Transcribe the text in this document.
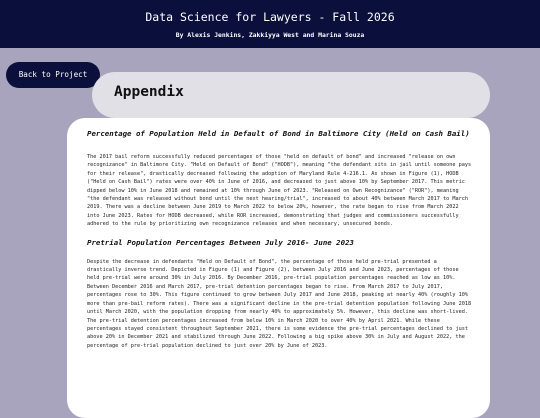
Data Science for Lawyers - Fall 2026
By Alexis Jenkins, Zakkiyya West and Marina Souza
Back to Project
Appendix
Percentage of Population Held in Default of Bond in Baltimore City (Held on Cash Bail)

The 2017 bail reform successfully reduced percentages of those "held on default of bond" and increased "release on own recognizance" in Baltimore City. "Held on Default of Bond" ("HODB"), meaning "the defendant sits in jail until someone pays for their release", drastically decreased following the adoption of Maryland Rule 4-216.1. As shown in Figure (1), HODB ("Held on Cash Bail") rates were over 40% in June of 2016, and decreased to just above 10% by September 2017. This metric dipped below 10% in June 2018 and remained at 10% through June of 2023. "Released on Own Recognizance" ("ROR"), meaning "the defendant was released without bond until the next hearing/trial", increased to about 40% between March 2017 to March 2019. There was a decline between June 2019 to March 2022 to below 20%, however, the rate began to rise from March 2022 into June 2023. Rates for HODB decreased, while ROR increased, demonstrating that judges and commissioners successfully adhered to the rule by prioritizing own recognizance releases and when necessary, unsecured bonds.

Pretrial Population Percentages Between July 2016- June 2023

Despite the decrease in defendants "Held on Default of Bond", the percentage of those held pre-trial presented a drastically inverse trend. Depicted in Figure (1) and Figure (2), between July 2016 and June 2023, percentages of those held pre-trial were around 30% in July 2016. By December 2016, pre-trial population percentages reached as low as 10%. Between December 2016 and March 2017, pre-trial detention percentages began to rise. From March 2017 to July 2017, percentages rose to 30%. This figure continued to grow between July 2017 and June 2018, peaking at nearly 40% (roughly 10% more than pre-bail reform rates). There was a significant decline in the pre-trial detention population following June 2018 until March 2020, with the population dropping from nearly 40% to approximately 5%. However, this decline was short-lived. The pre-trial detention percentages increased from below 10% in March 2020 to over 40% by April 2021. While these percentages stayed consistent throughout September 2021, there is some evidence the pre-trial percentages declined to just above 20% in December 2021 and stabilized through June 2022. Following a big spike above 30% in July and August 2022, the percentage of pre-trial population declined to just over 20% by June of 2023.
